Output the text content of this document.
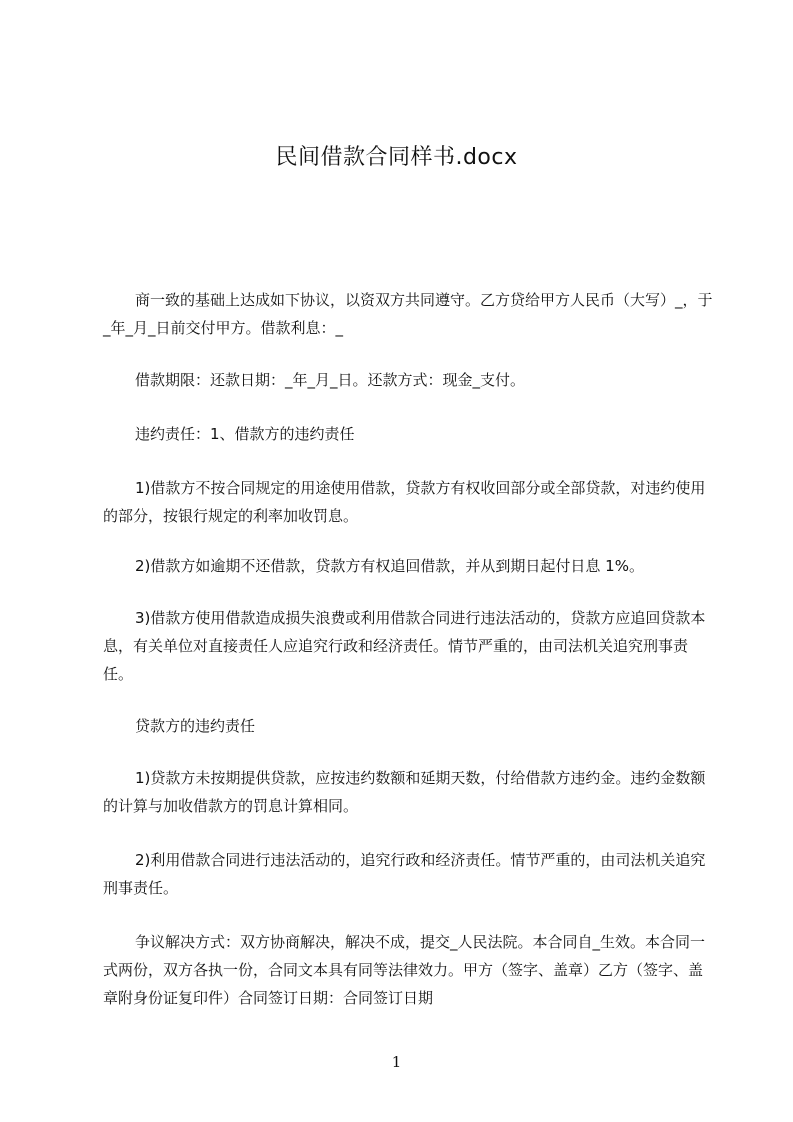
民间借款合同样书.docx

商一致的基础上达成如下协议，以资双方共同遵守。乙方贷给甲方人民币（大写）_，于_年_月_日前交付甲方。借款利息：_

借款期限：还款日期：_年_月_日。还款方式：现金_支付。

违约责任：1、借款方的违约责任

1)借款方不按合同规定的用途使用借款，贷款方有权收回部分或全部贷款，对违约使用的部分，按银行规定的利率加收罚息。

2)借款方如逾期不还借款，贷款方有权追回借款，并从到期日起付日息 1%。

3)借款方使用借款造成损失浪费或利用借款合同进行违法活动的，贷款方应追回贷款本息，有关单位对直接责任人应追究行政和经济责任。情节严重的，由司法机关追究刑事责任。

贷款方的违约责任

1)贷款方未按期提供贷款，应按违约数额和延期天数，付给借款方违约金。违约金数额的计算与加收借款方的罚息计算相同。

2)利用借款合同进行违法活动的，追究行政和经济责任。情节严重的，由司法机关追究刑事责任。

争议解决方式：双方协商解决，解决不成，提交_人民法院。本合同自_生效。本合同一式两份，双方各执一份，合同文本具有同等法律效力。甲方（签字、盖章）乙方（签字、盖章附身份证复印件）合同签订日期：合同签订日期

1
